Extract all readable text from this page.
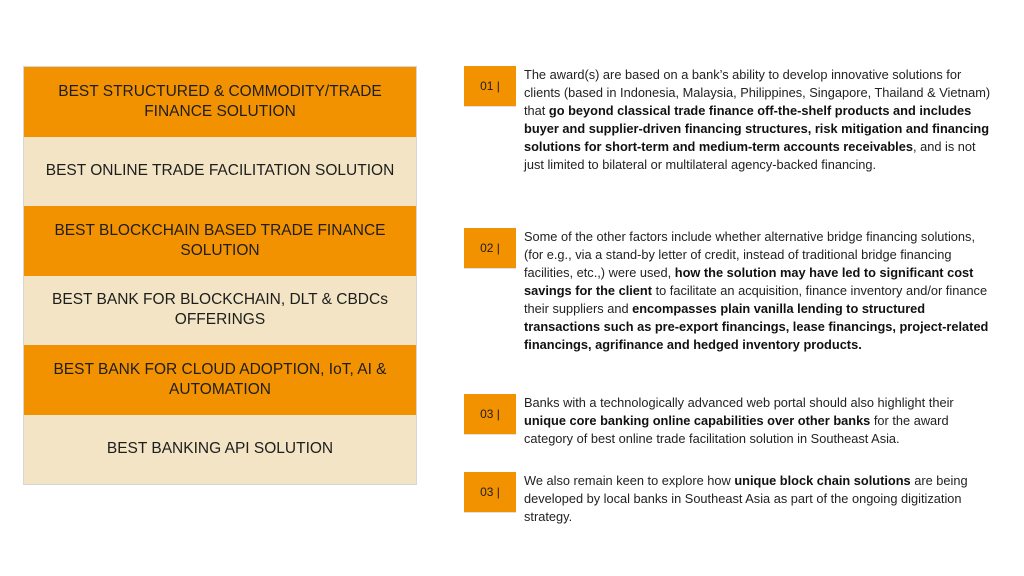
BEST STRUCTURED & COMMODITY/TRADE FINANCE SOLUTION
BEST ONLINE TRADE FACILITATION SOLUTION
BEST BLOCKCHAIN BASED TRADE FINANCE SOLUTION
BEST BANK FOR BLOCKCHAIN, DLT & CBDCs OFFERINGS
BEST BANK FOR CLOUD ADOPTION, IoT, AI & AUTOMATION
BEST BANKING API SOLUTION
01 |

The award(s) are based on a bank’s ability to develop innovative solutions for clients (based in Indonesia, Malaysia, Philippines, Singapore, Thailand & Vietnam) that go beyond classical trade finance off-the-shelf products and includes buyer and supplier-driven financing structures, risk mitigation and financing solutions for short-term and medium-term accounts receivables, and is not just limited to bilateral or multilateral agency-backed financing.

02 |

Some of the other factors include whether alternative bridge financing solutions, (for e.g., via a stand-by letter of credit, instead of traditional bridge financing facilities, etc.,) were used, how the solution may have led to significant cost savings for the client to facilitate an acquisition, finance inventory and/or finance their suppliers and encompasses plain vanilla lending to structured transactions such as pre-export financings, lease financings, project-related financings, agrifinance and hedged inventory products.

03 |

Banks with a technologically advanced web portal should also highlight their unique core banking online capabilities over other banks for the award category of best online trade facilitation solution in Southeast Asia.

03 |

We also remain keen to explore how unique block chain solutions are being developed by local banks in Southeast Asia as part of the ongoing digitization strategy.
